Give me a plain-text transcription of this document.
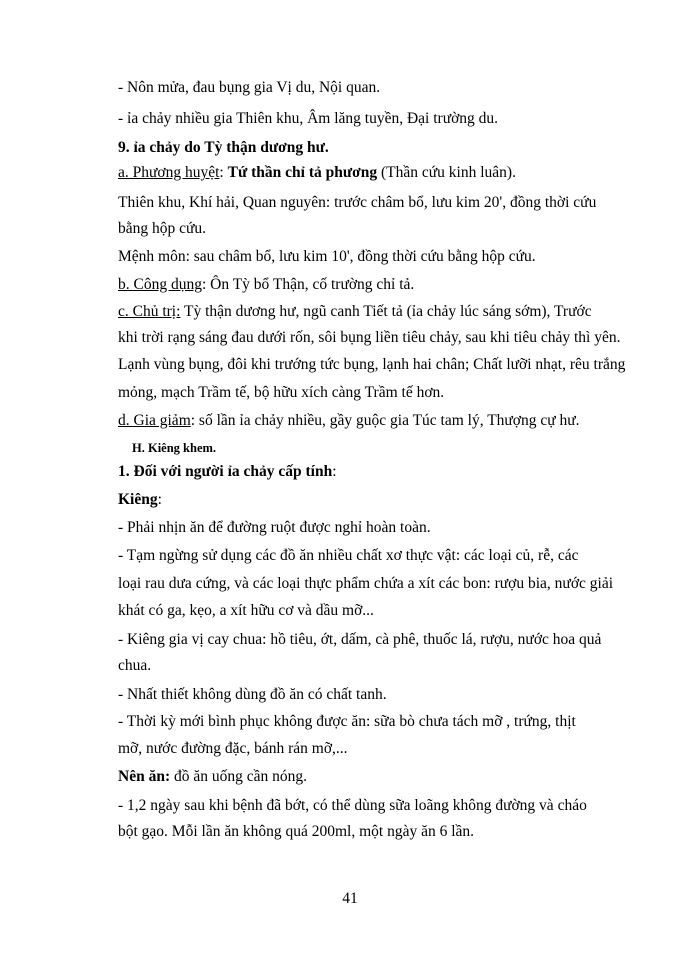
- Nôn mửa, đau bụng gia Vị du, Nội quan.
- ỉa chảy nhiều gia Thiên khu, Âm lăng tuyền, Đại trường du.
9. ỉa chảy do Tỳ thận dương hư.
a. Phương huyệt: Tứ thần chỉ tả phương (Thần cứu kinh luân).
Thiên khu, Khí hải, Quan nguyên: trước châm bổ, lưu kim 20', đồng thời cứu
bằng hộp cứu.
Mệnh môn: sau châm bổ, lưu kim 10', đồng thời cứu bằng hộp cứu.
b. Công dụng: Ôn Tỳ bổ Thận, cố trường chỉ tả.
c. Chủ trị: Tỳ thận dương hư, ngũ canh Tiết tả (ỉa chảy lúc sáng sớm), Trước
khi trời rạng sáng đau dưới rốn, sôi bụng liền tiêu chảy, sau khi tiêu chảy thì yên.
Lạnh vùng bụng, đôi khi trướng tức bụng, lạnh hai chân; Chất lưỡi nhạt, rêu trắng
mỏng, mạch Trầm tế, bộ hữu xích càng Trầm tế hơn.
d. Gia giảm: số lần ỉa chảy nhiều, gầy guộc gia Túc tam lý, Thượng cự hư.
H. Kiêng khem.
1. Đối với người ỉa chảy cấp tính:
Kiêng:
- Phải nhịn ăn để đường ruột được nghỉ hoàn toàn.
- Tạm ngừng sử dụng các đồ ăn nhiều chất xơ thực vật: các loại củ, rễ, các
loại rau dưa cứng, và các loại thực phẩm chứa a xít các bon: rượu bia, nước giải
khát có ga, kẹo, a xít hữu cơ và dầu mỡ...
- Kiêng gia vị cay chua: hồ tiêu, ớt, dấm, cà phê, thuốc lá, rượu, nước hoa quả
chua.
- Nhất thiết không dùng đồ ăn có chất tanh.
- Thời kỳ mới bình phục không được ăn: sữa bò chưa tách mỡ , trứng, thịt
mỡ, nước đường đặc, bánh rán mỡ,...
Nên ăn: đồ ăn uống cần nóng.
- 1,2 ngày sau khi bệnh đã bớt, có thể dùng sữa loãng không đường và cháo
bột gạo. Mỗi lần ăn không quá 200ml, một ngày ăn 6 lần.
41
